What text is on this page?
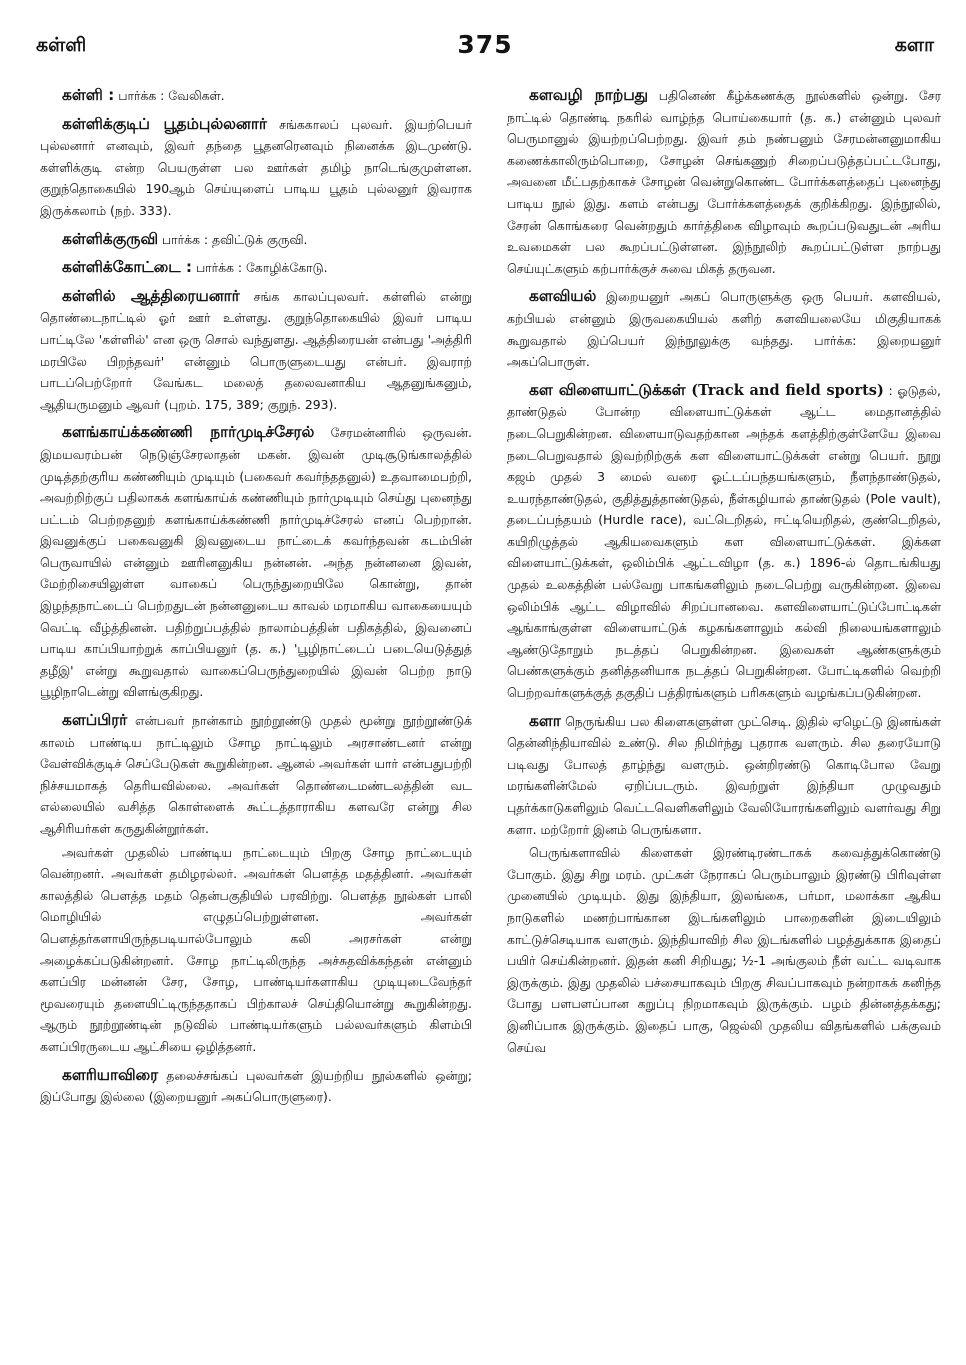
கள்ளி	375	களா

கள்ளி : பார்க்க : வேலிகள்.

கள்ளிக்குடிப் பூதம்புல்லனார் சங்ககாலப் புலவர். இயற்பெயர் புல்லனார் எனவும், இவர் தந்தை பூதனரெனவும் நினைக்க இடமுண்டு. கள்ளிக்குடி என்ற பெயருள்ள பல ஊர்கள் தமிழ் நாடெங்குமுள்ளன. குறுந்தொகையில் 190ஆம் செய்யுளைப் பாடிய பூதம் புல்லனுர் இவராக இருக்கலாம் (நற். 333).

கள்ளிக்குருவி பார்க்க : தவிட்டுக் குருவி.

கள்ளிக்கோட்டை : பார்க்க : கோழிக்கோடு.

கள்ளில் ஆத்திரையனார் சங்க காலப்புலவர். கள்ளில் என்று தொண்டைநாட்டில் ஓர் ஊர் உள்ளது. குறுந்தொகையில் இவர் பாடிய பாட்டிலே 'கள்ளில்' என ஒரு சொல் வந்துளது. ஆத்திரையன் என்பது 'அத்திரி மரபிலே பிறந்தவர்' என்னும் பொருளுடையது என்பர். இவராற் பாடப்பெற்றோர் வேங்கட மலைத் தலைவனாகிய ஆதனுங்கனும், ஆதியருமனும் ஆவர் (புறம். 175, 389; குறுந். 293).

களங்காய்க்கண்ணி நார்முடிச்சேரல் சேரமன்னரில் ஒருவன். இமயவரம்பன் நெடுஞ்சேரலாதன் மகன். இவன் முடிசூடுங்காலத்தில் முடித்தற்குரிய கண்ணியும் முடியும் (பகைவர் கவர்ந்ததனுல்) உதவாமைபற்றி, அவற்றிற்குப் பதிலாகக் களங்காய்க் கண்ணியும் நார்முடியும் செய்து புனைந்து பட்டம் பெற்றதனுற் களங்காய்க்கண்ணி நார்முடிச்சேரல் எனப் பெற்றான். இவனுக்குப் பகைவனுகி இவனுடைய நாட்டைக் கவர்ந்தவன் கடம்பின் பெருவாயில் என்னும் ஊரினனுகிய நன்னன். அந்த நன்னனை இவன், மேற்றிசையிலுள்ள வாகைப் பெருந்துறையிலே கொன்று, தான் இழந்தநாட்டைப் பெற்றதுடன் நன்னனுடைய காவல் மரமாகிய வாகையையும் வெட்டி வீழ்த்தினன். பதிற்றுப்பத்தில் நாலாம்பத்தின் பதிகத்தில், இவனைப் பாடிய காப்பியாற்றுக் காப்பியனுர் (த. க.) 'பூழிநாட்டைப் படையெடுத்துத் தழீஇ' என்று கூறுவதால் வாகைப்பெருந்துறையில் இவன் பெற்ற நாடு பூழிநாடென்று விளங்குகிறது.

களப்பிரர் என்பவர் நான்காம் நூற்றூண்டு முதல் மூன்று நூற்றூண்டுக் காலம் பாண்டிய நாட்டிலும் சோழ நாட்டிலும் அரசாண்டனர் என்று வேள்விக்குடிச் செப்பேடுகள் கூறுகின்றன. ஆனல் அவர்கள் யார் என்பதுபற்றி நிச்சயமாகத் தெரியவில்லை. அவர்கள் தொண்டைமண்டலத்தின் வட எல்லையில் வசித்த கொள்ளைக் கூட்டத்தாராகிய களவரே என்று சில ஆசிரியர்கள் கருதுகின்றூர்கள்.

அவர்கள் முதலில் பாண்டிய நாட்டையும் பிறகு சோழ நாட்டையும் வென்றனர். அவர்கள் தமிழரல்லர். அவர்கள் பௌத்த மதத்தினர். அவர்கள் காலத்தில் பௌத்த மதம் தென்பகுதியில் பரவிற்று. பௌத்த நூல்கள் பாலி மொழியில் எழுதப்பெற்றுள்ளன. அவர்கள் பௌத்தர்களாயிருந்தபடியால்போலும் கலி அரசர்கள் என்று அழைக்கப்படுகின்றனர். சோழ நாட்டிலிருந்த அச்சுதவிக்கந்தன் என்னும் களப்பிர மன்னன் சேர, சோழ, பாண்டியர்களாகிய முடியுடைவேந்தர் மூவரையும் தளையிட்டிருந்ததாகப் பிற்காலச் செய்தியொன்று கூறுகின்றது. ஆரும் நூற்றூண்டின் நடுவில் பாண்டியர்களும் பல்லவர்களும் கிளம்பி களப்பிரருடைய ஆட்சியை ஒழித்தனர்.

களரியாவிரை தலைச்சங்கப் புலவர்கள் இயற்றிய நூல்களில் ஒன்று; இப்போது இல்லை (இறையனுர் அகப்பொருளுரை).

களவழி நாற்பது பதினெண் கீழ்க்கணக்கு நூல்களில் ஒன்று. சேர நாட்டில் தொண்டி நகரில் வாழ்ந்த பொய்கையார் (த. க.) என்னும் புலவர் பெருமானுல் இயற்றப்பெற்றது. இவர் தம் நண்பனும் சேரமன்னனுமாகிய கணைக்காலிரும்பொறை, சோழன் செங்கணுற் சிறைப்படுத்தப்பட்டபோது, அவனை மீட்பதற்காகச் சோழன் வென்றுகொண்ட போர்க்களத்தைப் புனைந்து பாடிய நூல் இது. களம் என்பது போர்க்களத்தைக் குறிக்கிறது. இந்நூலில், சேரன் கொங்கரை வென்றதும் கார்த்திகை விழாவும் கூறப்படுவதுடன் அரிய உவமைகள் பல கூறப்பட்டுள்ளன. இந்நூலிற் கூறப்பட்டுள்ள நாற்பது செய்யுட்களும் கற்பார்க்குச் சுவை மிகத் தருவன.

களவியல் இறையனுர் அகப் பொருளுக்கு ஒரு பெயர். களவியல், கற்பியல் என்னும் இருவகையியல் களிற் களவியலையே மிகுதியாகக் கூறுவதால் இப்பெயர் இந்நூலுக்கு வந்தது. பார்க்க: இறையனுர் அகப்பொருள்.

கள விளையாட்டுக்கள் (Track and field sports) : ஓடுதல், தாண்டுதல் போன்ற விளையாட்டுக்கள் ஆட்ட மைதானத்தில் நடைபெறுகின்றன. விளையாடுவதற்கான அந்தக் களத்திற்குள்ளேயே இவை நடைபெறுவதால் இவற்றிற்குக் கள விளையாட்டுக்கள் என்று பெயர். நூறு கஜம் முதல் 3 மைல் வரை ஓட்டப்பந்தயங்களும், நீளந்தாண்டுதல், உயரந்தாண்டுதல், குதித்துத்தாண்டுதல், நீள்கழியால் தாண்டுதல் (Pole vault), தடைப்பந்தயம் (Hurdle race), வட்டெறிதல், ஈட்டியெறிதல், குண்டெறிதல், கயிறிழுத்தல் ஆகியவைகளும் கள விளையாட்டுக்கள். இக்கள விளையாட்டுக்கள், ஒலிம்பிக் ஆட்டவிழா (த. க.) 1896-ல் தொடங்கியது முதல் உலகத்தின் பல்வேறு பாகங்களிலும் நடைபெற்று வருகின்றன. இவை ஒலிம்பிக் ஆட்ட விழாவில் சிறப்பானவை. களவிளையாட்டுப்போட்டிகள் ஆங்காங்குள்ள விளையாட்டுக் கழகங்களாலும் கல்வி நிலையங்களாலும் ஆண்டுதோறும் நடத்தப் பெறுகின்றன. இவைகள் ஆண்களுக்கும் பெண்களுக்கும் தனித்தனியாக நடத்தப் பெறுகின்றன. போட்டிகளில் வெற்றி பெற்றவர்களுக்குத் தகுதிப் பத்திரங்களும் பரிசுகளும் வழங்கப்படுகின்றன.

களா நெருங்கிய பல கிளைகளுள்ள முட்செடி. இதில் ஏழெட்டு இனங்கள் தென்னிந்தியாவில் உண்டு. சில நிமிர்ந்து புதராக வளரும். சில தரையோடு படிவது போலத் தாழ்ந்து வளரும். ஒன்றிரண்டு கொடிபோல வேறு மரங்களின்மேல் ஏறிப்படரும். இவற்றுள் இந்தியா முழுவதும் புதர்க்காடுகளிலும் வெட்டவெளிகளிலும் வேலியோரங்களிலும் வளர்வது சிறு களா. மற்றோர் இனம் பெருங்களா.

பெருங்களாவில் கிளைகள் இரண்டிரண்டாகக் கவைத்துக்கொண்டு போகும். இது சிறு மரம். முட்கள் நேராகப் பெரும்பாலும் இரண்டு பிரிவுள்ள முனையில் முடியும். இது இந்தியா, இலங்கை, பர்மா, மலாக்கா ஆகிய நாடுகளில் மணற்பாங்கான இடங்களிலும் பாறைகளின் இடையிலும் காட்டுச்செடியாக வளரும். இந்தியாவிற் சில இடங்களில் பழத்துக்காக இதைப் பயிர் செய்கின்றனர். இதன் கனி சிறியது; ½-1 அங்குலம் நீள் வட்ட வடிவாக இருக்கும். இது முதலில் பச்சையாகவும் பிறகு சிவப்பாகவும் நன்றாகக் கனிந்த போது பளபளப்பான கறுப்பு நிறமாகவும் இருக்கும். பழம் தின்னத்தக்கது; இனிப்பாக இருக்கும். இதைப் பாகு, ஜெல்லி முதலிய விதங்களில் பக்குவம் செய்வ
